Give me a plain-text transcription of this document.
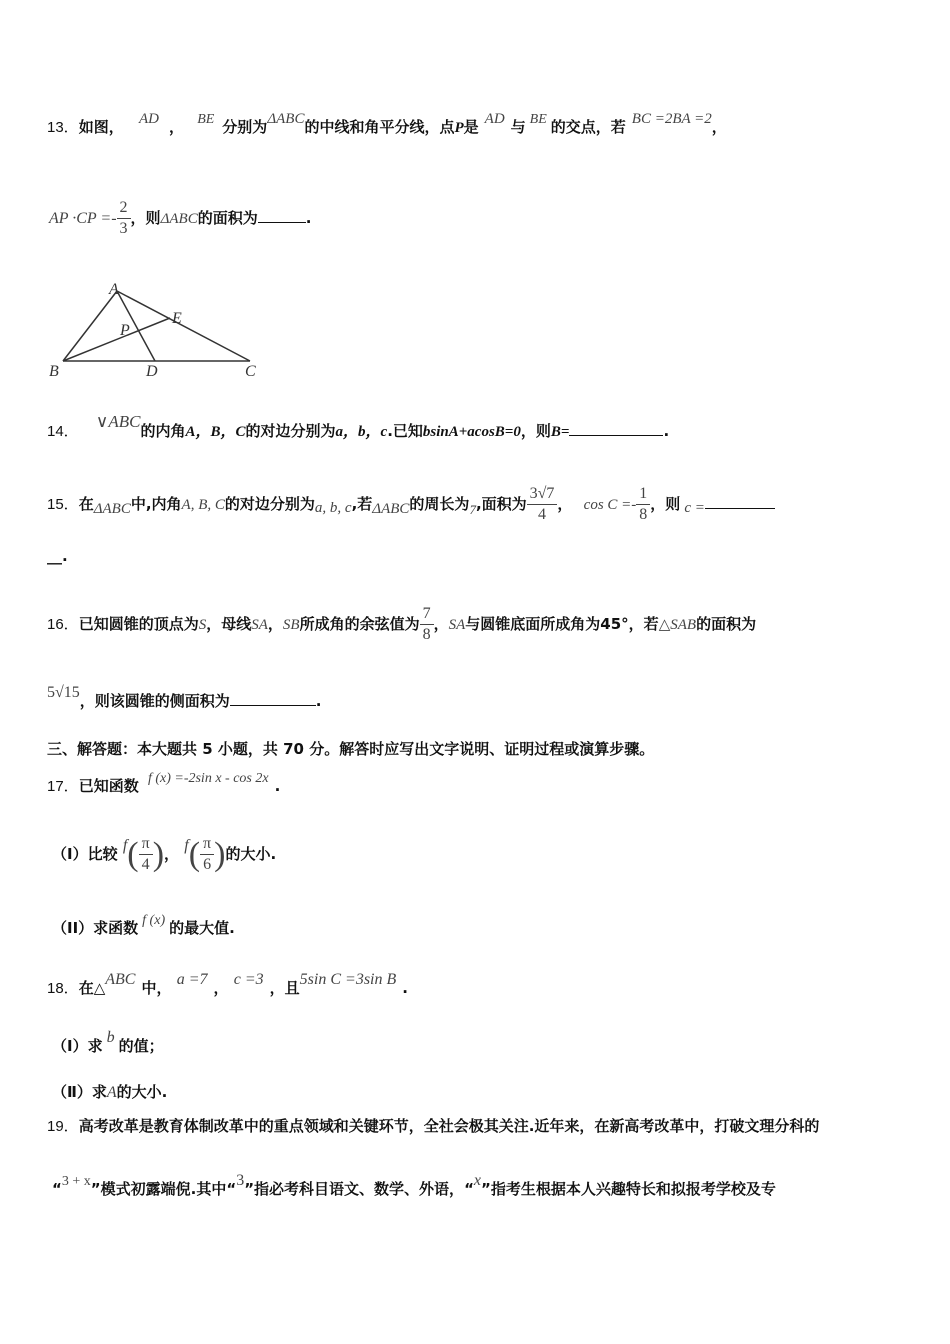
13．如图， AD ， BE 分别为ΔABC的中线和角平分线，点P是 AD 与 BE 的交点，若 BC =2BA =2，
AP $\cdot CP =- \frac{2}{3}$ ，则ΔABC的面积为	.
A
B	C
D
E
P
14． ∨ABC的内角A，B，C的对边分别为a，b，c.已知bsinA+acosB=0，则B=	.
15．在ΔABC中,内角A, B, C的对边分别为a, b, c,若ΔABC的周长为7,面积为 $\frac{3√7}{4}$ ， $\cos C =- \frac{1}{8}$ ，则 c =
__.
16．已知圆锥的顶点为S，母线SA，SB所成角的余弦值为 $\frac{7}{8}$ ，SA与圆锥底面所成角为45°，若△SAB的面积为
5√15，则该圆锥的侧面积为	.
三、解答题：本大题共 5 小题，共 70 分。解答时应写出文字说明、证明过程或演算步骤。
17．已知函数 f (x) =-2sin x - cos 2x .
（I）比较 $f( \frac{\pi}{4}$ )， $f( \frac{\pi}{6}$ )的大小.
（II）求函数 f (x) 的最大值.
18．在△ABC 中， a =7 ， c =3 ，且5sin C =3sin B .
（Ⅰ）求 b 的值；
（Ⅱ）求A的大小.
19．高考改革是教育体制改革中的重点领域和关键环节，全社会极其关注.近年来，在新高考改革中，打破文理分科的
“3 + x”模式初露端倪.其中“3”指必考科目语文、数学、外语，“x”指考生根据本人兴趣特长和拟报考学校及专
